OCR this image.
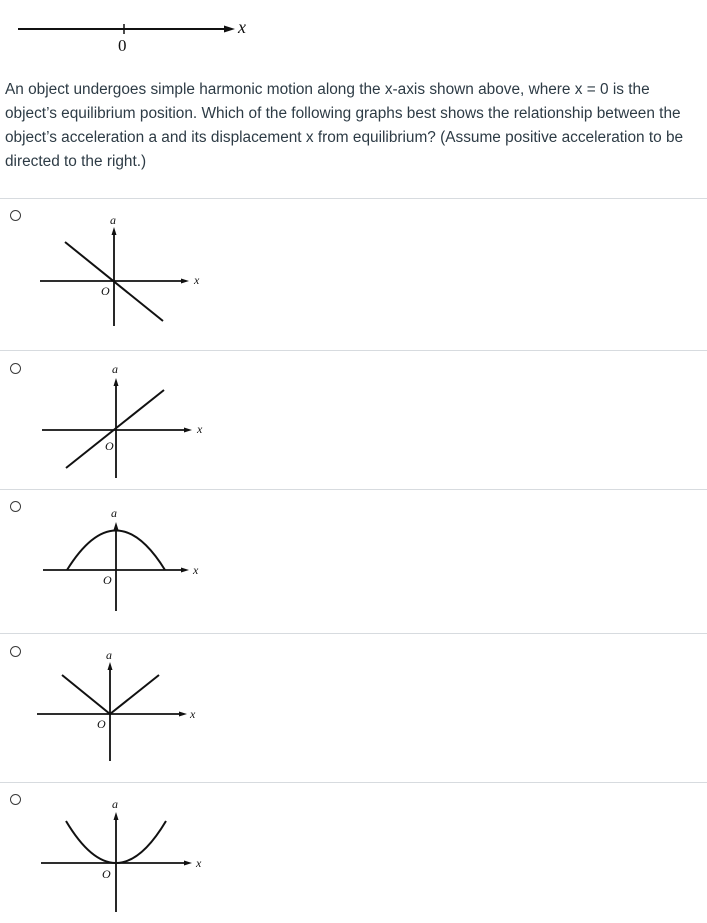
0
x
An object undergoes simple harmonic motion along the x-axis shown above, where x = 0 is the object’s equilibrium position. Which of the following graphs best shows the relationship between the object’s acceleration a and its displacement x from equilibrium? (Assume positive acceleration to be directed to the right.)
a
x
O
a
x
O
a
x
O
a
x
O
a
x
O
